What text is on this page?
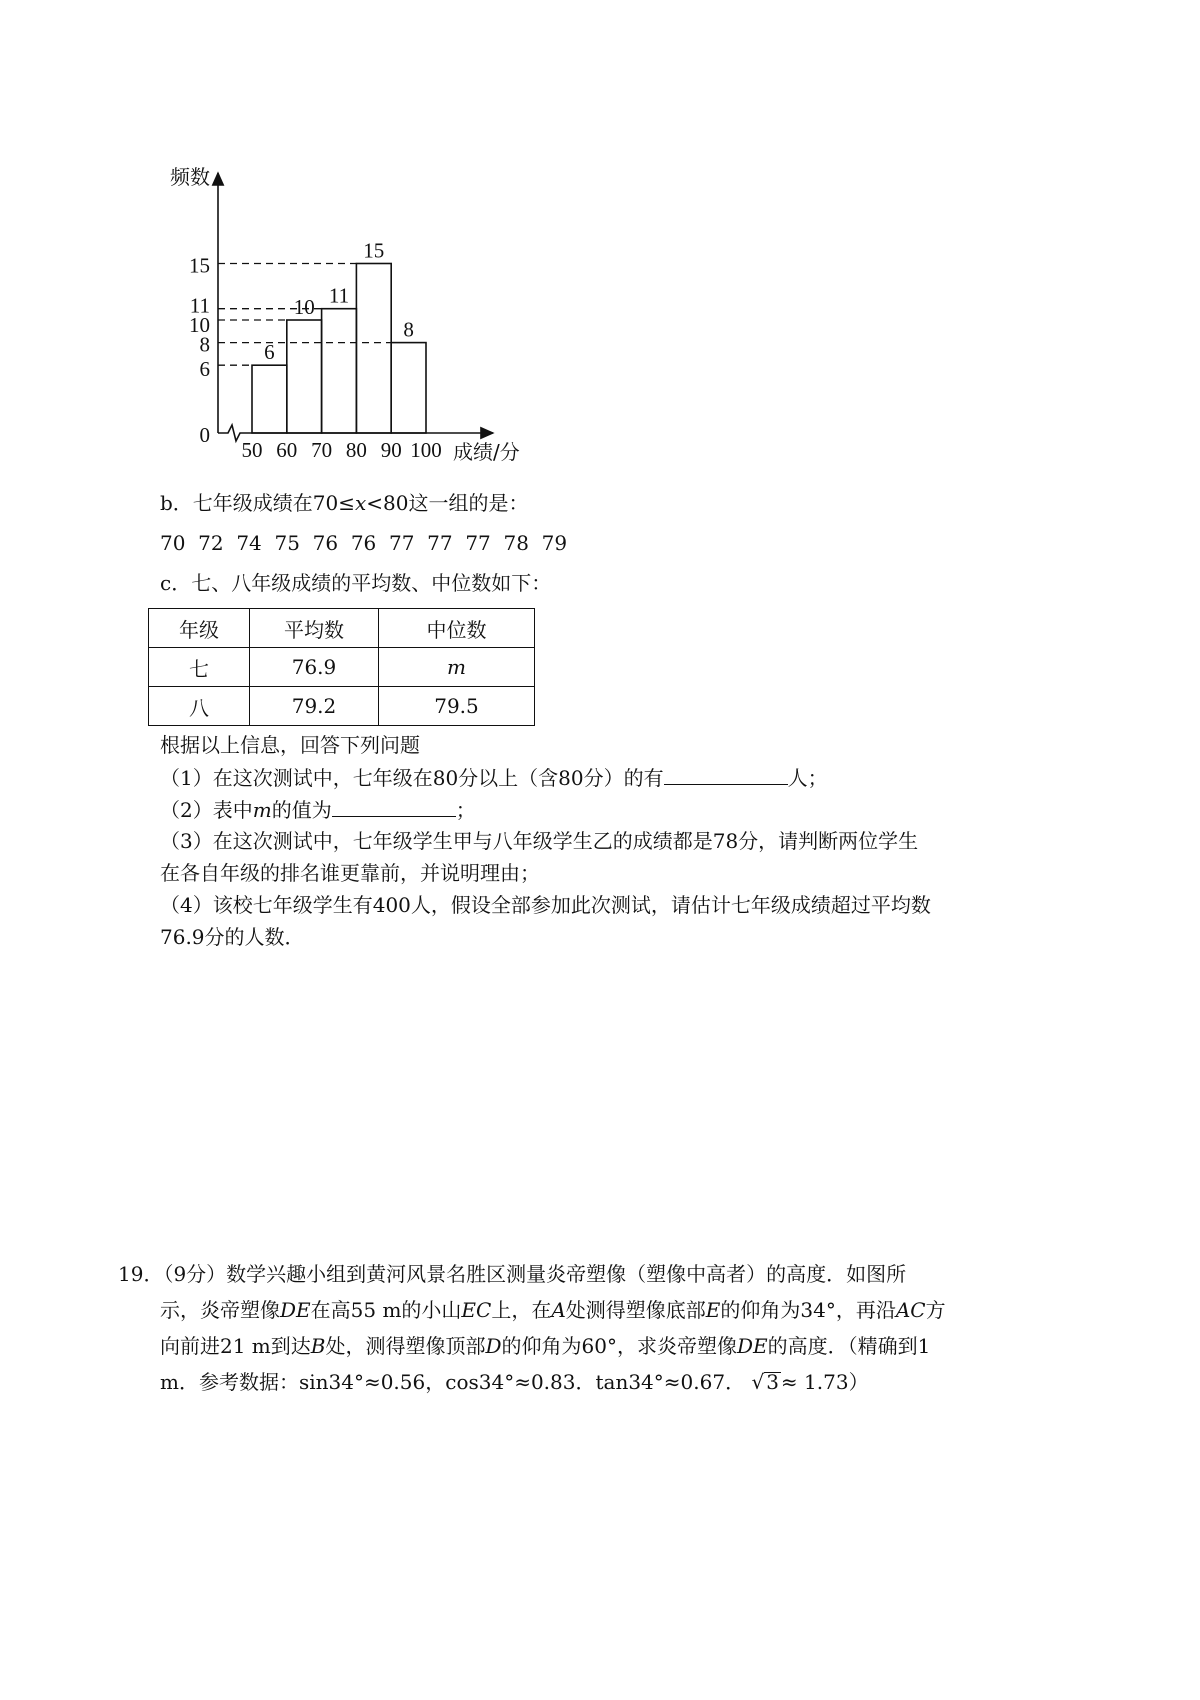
频数
成绩/分
0
6
8
10
11
15
50 60 70 80 90 100
6
10 11
15
8
b．七年级成绩在70≤x<80这一组的是：
70  72  74  75  76  76  77  77  77  78  79
c．七、八年级成绩的平均数、中位数如下：
年级	平均数	中位数
七	76.9	m
八	79.2	79.5
根据以上信息，回答下列问题
（1）在这次测试中，七年级在80分以上（含80分）的有	人；
（2）表中m的值为	；
（3）在这次测试中，七年级学生甲与八年级学生乙的成绩都是78分，请判断两位学生
在各自年级的排名谁更靠前，并说明理由；
（4）该校七年级学生有400人，假设全部参加此次测试，请估计七年级成绩超过平均数
76.9分的人数．
19．（9分）数学兴趣小组到黄河风景名胜区测量炎帝塑像（塑像中高者）的高度．如图所
示，炎帝塑像DE在高55 m的小山EC上，在A处测得塑像底部E的仰角为34°，再沿AC方
向前进21 m到达B处，测得塑像顶部D的仰角为60°，求炎帝塑像DE的高度．（精确到1
m．参考数据：sin34°≈0.56，cos34°≈0.83．tan34°≈0.67． √ 3 ≈ 1.73）
